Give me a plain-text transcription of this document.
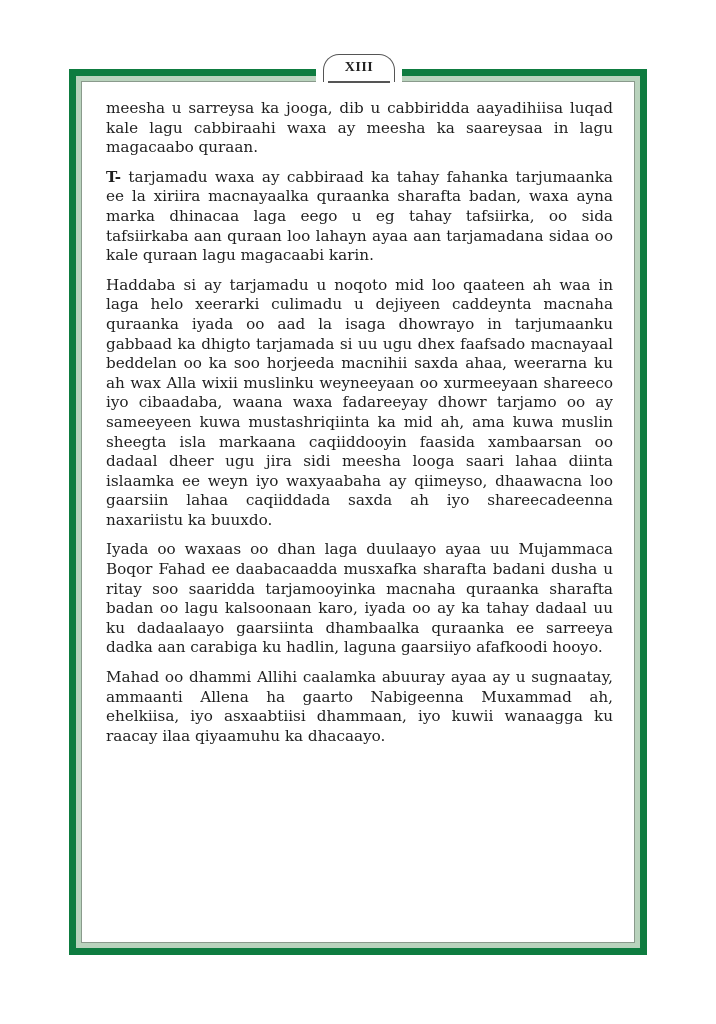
XIII

meesha u sarreysa ka jooga, dib u cabbiridda aayadihiisa luqad kale lagu cabbiraahi waxa ay meesha ka saareysaa in lagu magacaabo quraan.

T- tarjamadu waxa ay cabbiraad ka tahay fahanka tarjumaanka ee la xiriira macnayaalka quraanka sharafta badan, waxa ayna marka dhinacaa laga eego u eg tahay tafsiirka, oo sida tafsiirkaba aan quraan loo lahayn ayaa aan tarjamadana sidaa oo kale quraan lagu magacaabi karin.

Haddaba si ay tarjamadu u noqoto mid loo qaateen ah waa in laga helo xeerarki culimadu u dejiyeen caddeynta macnaha quraanka iyada oo aad la isaga dhowrayo in tarjumaanku gabbaad ka dhigto tarjamada si uu ugu dhex faafsado macnayaal beddelan oo ka soo horjeeda macnihii saxda ahaa, weerarna ku ah wax Alla wixii muslinku weyneeyaan oo xurmeeyaan shareeco iyo cibaadaba, waana waxa fadareeyay dhowr tarjamo oo ay sameeyeen kuwa mustashriqiinta ka mid ah, ama kuwa muslin sheegta isla markaana caqiiddooyin faasida xambaarsan oo dadaal dheer ugu jira sidi meesha looga saari lahaa diinta islaamka ee weyn iyo waxyaabaha ay qiimeyso, dhaawacna loo gaarsiin lahaa caqiiddada saxda ah iyo shareecadeenna naxariistu ka buuxdo.

Iyada oo waxaas oo dhan laga duulaayo ayaa uu Mujammaca Boqor Fahad ee daabacaadda musxafka sharafta badani dusha u ritay soo saaridda tarjamooyinka macnaha quraanka sharafta badan oo lagu kalsoonaan karo, iyada oo ay ka tahay dadaal uu ku dadaalaayo gaarsiinta dhambaalka quraanka ee sarreeya dadka aan carabiga ku hadlin, laguna gaarsiiyo afafkoodi hooyo.

Mahad oo dhammi Allihi caalamka abuuray ayaa ay u sugnaatay, ammaanti Allena ha gaarto Nabigeenna Muxammad ah, ehelkiisa, iyo asxaabtiisi dhammaan, iyo kuwii wanaagga ku raacay ilaa qiyaamuhu ka dhacaayo.
